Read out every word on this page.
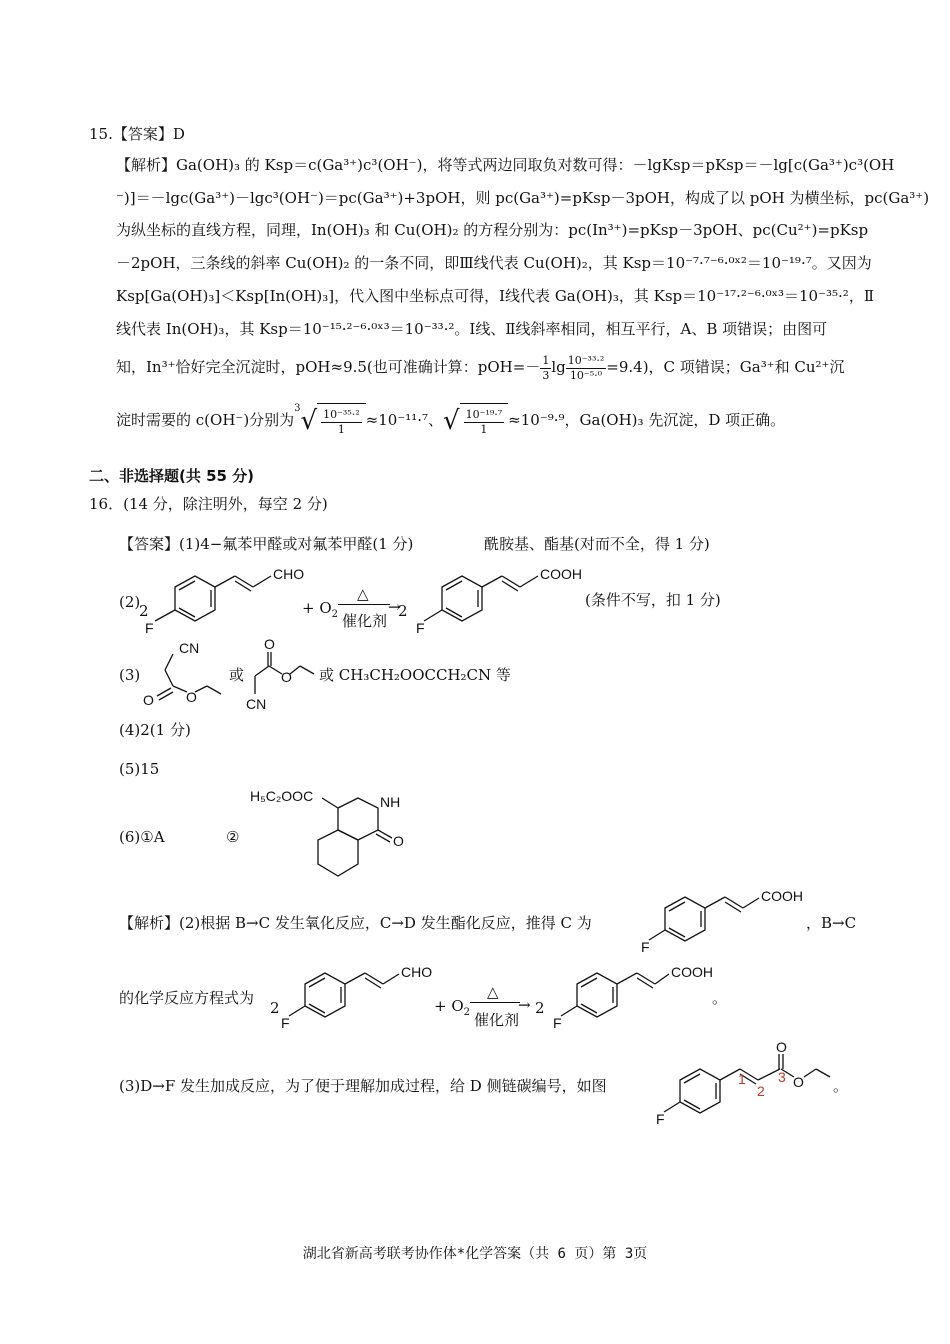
15.【答案】D
【解析】Ga(OH)₃ 的 Ksp＝c(Ga³⁺)c³(OH⁻)，将等式两边同取负对数可得：－lgKsp＝pKsp＝－lg[c(Ga³⁺)c³(OH
⁻)]＝－lgc(Ga³⁺)－lgc³(OH⁻)＝pc(Ga³⁺)+3pOH，则 pc(Ga³⁺)=pKsp－3pOH，构成了以 pOH 为横坐标，pc(Ga³⁺)
为纵坐标的直线方程，同理，In(OH)₃ 和 Cu(OH)₂ 的方程分别为：pc(In³⁺)=pKsp－3pOH、pc(Cu²⁺)=pKsp
－2pOH，三条线的斜率 Cu(OH)₂ 的一条不同，即Ⅲ线代表 Cu(OH)₂，其 Ksp＝10⁻⁷·⁷⁻⁶·⁰ˣ²＝10⁻¹⁹·⁷。又因为
Ksp[Ga(OH)₃]＜Ksp[In(OH)₃]，代入图中坐标点可得，Ⅰ线代表 Ga(OH)₃，其 Ksp＝10⁻¹⁷·²⁻⁶·⁰ˣ³＝10⁻³⁵·²，Ⅱ
线代表 In(OH)₃，其 Ksp＝10⁻¹⁵·²⁻⁶·⁰ˣ³＝10⁻³³·²。Ⅰ线、Ⅱ线斜率相同，相互平行，A、B 项错误；由图可
知，In³⁺恰好完全沉淀时，pOH≈9.5(也可准确计算：$pOH=- \frac{1}{3}$ $\lg \frac{\text{10⁻³³·²}}{\text{10⁻⁵·⁰}} =9.4$)，C 项错误；Ga³⁺和 Cu²⁺沉
淀时需要的 c(OH⁻)分别为$^3√ \frac{\text{10⁻³⁵·²}}{1} \approx 10^{-11}\cdot^7$、√ $\frac{\text{10⁻¹⁹·⁷}}{1} \approx 10^{-9}\cdot^9$，Ga(OH)₃ 先沉淀，D 项正确。
二、非选择题(共 55 分)
16．(14 分，除注明外，每空 2 分)
【答案】(1)4−氟苯甲醛或对氟苯甲醛(1 分)	酰胺基、酯基(对而不全，得 1 分)
(2)
2
CHO
F
+ $O_2$
△
→
催化剂
2
COOH
F
(条件不写，扣 1 分)
(3)
CN
O O
或
O
O
CN
或 CH₃CH₂OOCCH₂CN 等
(4)2(1 分)
(5)15
(6)①A	②
H₅C₂OOC	NH
O
【解析】(2)根据 B→C 发生氧化反应，C→D 发生酯化反应，推得 C 为
COOH
F
，B→C
的化学反应方程式为
2
CHO
F
+ $O_2$
△
→
催化剂
2
COOH
F
。
(3)D→F 发生加成反应，为了便于理解加成过程，给 D 侧链碳编号，如图
O
O
F
1
2
3	。
湖北省新高考联考协作体*化学答案（共 6 页）第 3页
